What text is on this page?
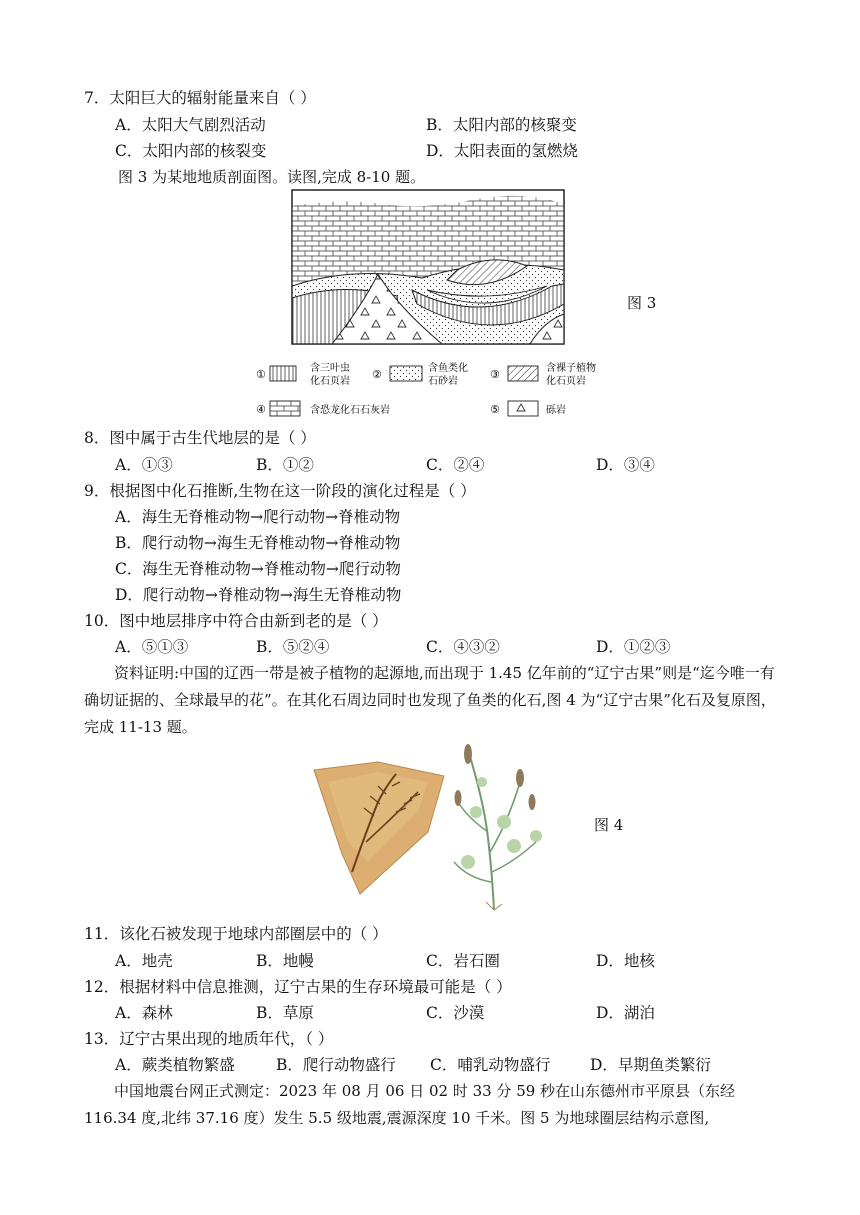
7．太阳巨大的辐射能量来自（ ）
A．太阳大气剧烈活动	B．太阳内部的核聚变
C．太阳内部的核裂变	D．太阳表面的氢燃烧
图 3 为某地地质剖面图。读图,完成 8-10 题。
①	含三叶虫
化石页岩
②	含鱼类化
石砂岩
③	含裸子植物
化石页岩
④	含恐龙化石石灰岩	⑤	砾岩
图 3
8．图中属于古生代地层的是（ ）
A．①③	B．①②	C．②④	D．③④
9．根据图中化石推断,生物在这一阶段的演化过程是（ ）
A．海生无脊椎动物→爬行动物→脊椎动物
B．爬行动物→海生无脊椎动物→脊椎动物
C．海生无脊椎动物→脊椎动物→爬行动物
D．爬行动物→脊椎动物→海生无脊椎动物
10．图中地层排序中符合由新到老的是（ ）
A．⑤①③	B．⑤②④	C．④③②	D．①②③
资料证明:中国的辽西一带是被子植物的起源地,而出现于 1.45 亿年前的“辽宁古果”则是“迄今唯一有确切证据的、全球最早的花”。在其化石周边同时也发现了鱼类的化石,图 4 为“辽宁古果”化石及复原图，完成 11-13 题。
图 4
11．该化石被发现于地球内部圈层中的（ ）
A．地壳	B．地幔	C．岩石圈	D．地核
12．根据材料中信息推测，辽宁古果的生存环境最可能是（ ）
A．森林	B．草原	C．沙漠	D．湖泊
13．辽宁古果出现的地质年代，（ ）
A．蕨类植物繁盛	B．爬行动物盛行 C．哺乳动物盛行	D．早期鱼类繁衍
中国地震台网正式测定：2023 年 08 月 06 日 02 时 33 分 59 秒在山东德州市平原县（东经 116.34 度,北纬 37.16 度）发生 5.5 级地震,震源深度 10 千米。图 5 为地球圈层结构示意图,
